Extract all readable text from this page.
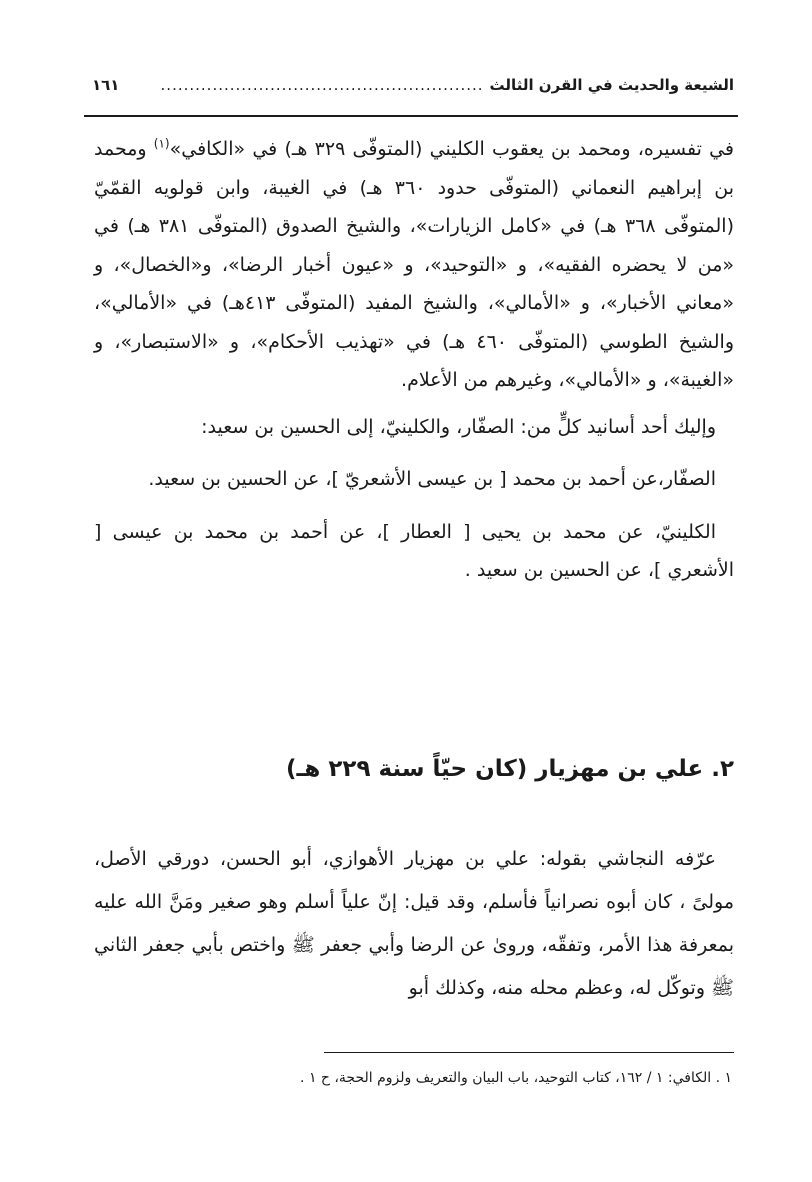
الشيعة والحديث في القرن الثالث
........................................................
١٦١

في تفسيره، ومحمد بن يعقوب الكليني (المتوفّى ٣٢٩ هـ) في «الكافي»$^{(١)}$ ومحمد بن إبراهيم النعماني (المتوفّى حدود ٣٦٠ هـ) في الغيبة، وابن قولويه القمّيّ (المتوفّى ٣٦٨ هـ) في «كامل الزيارات»، والشيخ الصدوق (المتوفّى ٣٨١ هـ) في «من لا يحضره الفقيه»، و «التوحيد»، و «عيون أخبار الرضا»، و«الخصال»، و «معاني الأخبار»، و «الأمالي»، والشيخ المفيد (المتوفّى ٤١٣هـ) في «الأمالي»، والشيخ الطوسي (المتوفّى ٤٦٠ هـ) في «تهذيب الأحكام»، و «الاستبصار»، و «الغيبة»، و «الأمالي»، وغيرهم من الأعلام.

وإليك أحد أسانيد كلٍّ من: الصفّار، والكلينيّ، إلى الحسين بن سعيد:

الصفّار،عن أحمد بن محمد [ بن عيسى الأشعريّ ]، عن الحسين بن سعيد.

الكلينيّ، عن محمد بن يحيى [ العطار ]، عن أحمد بن محمد بن عيسى [ الأشعري ]، عن الحسين بن سعيد .

٢. علي بن مهزيار (كان حيّاً سنة ٢٢٩ هـ)

عرّفه النجاشي بقوله: علي بن مهزيار الأهوازي، أبو الحسن، دورقي الأصل، مولىً ، كان أبوه نصرانياً فأسلم، وقد قيل: إنّ علياً أسلم وهو صغير ومَنَّ الله عليه بمعرفة هذا الأمر، وتفقّه، وروىٰ عن الرضا وأبي جعفر ﷺ واختص بأبي جعفر الثاني ﷺ وتوكّل له، وعظم محله منه، وكذلك أبو

١ . الكافي: ١ / ١٦٢، كتاب التوحيد، باب البيان والتعريف ولزوم الحجة، ح ١ .
